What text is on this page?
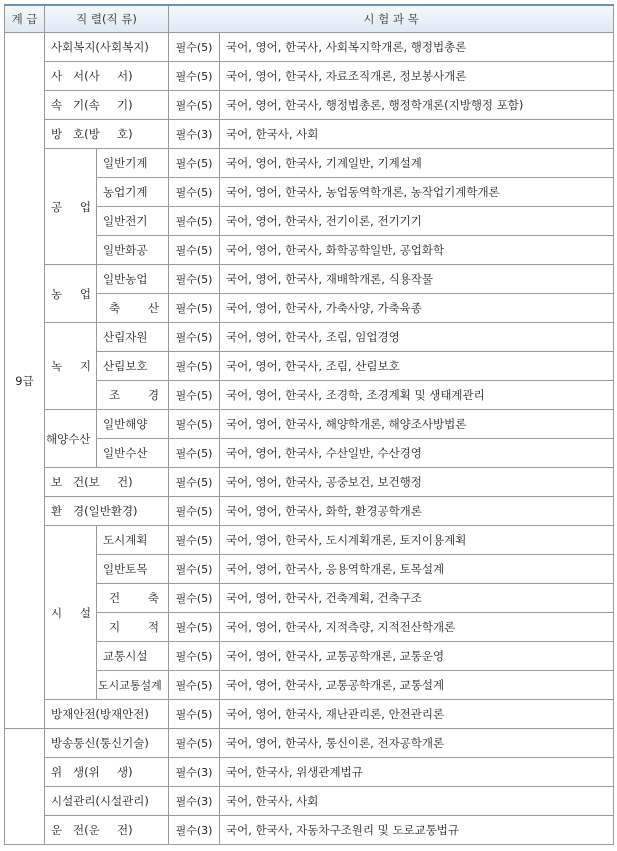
계 급	직 렬(직 류)		시 험 과 목	
9급	사회복지(사회복지)		필수(5)	국어, 영어, 한국사, 사회복지학개론, 행정법총론
	사 서(사 서)		필수(5)	국어, 영어, 한국사, 자료조직개론, 정보봉사개론
	속 기(속 기)		필수(5)	국어, 영어, 한국사, 행정법총론, 행정학개론(지방행정 포함)
	방 호(방 호)		필수(3)	국어, 한국사, 사회

	공 업	일반기계	필수(5)	국어, 영어, 한국사, 기계일반, 기계설계
		농업기계	필수(5)	국어, 영어, 한국사, 농업동역학개론, 농작업기계학개론
		일반전기	필수(5)	국어, 영어, 한국사, 전기이론, 전기기기
		일반화공	필수(5)	국어, 영어, 한국사, 화학공학일반, 공업화학

	농 업	일반농업	필수(5)	국어, 영어, 한국사, 재배학개론, 식용작물

		축 산	필수(5)	국어, 영어, 한국사, 가축사양, 가축육종

	녹 지	산림자원	필수(5)	국어, 영어, 한국사, 조림, 임업경영
		산림보호	필수(5)	국어, 영어, 한국사, 조림, 산림보호

		조 경	필수(5)	국어, 영어, 한국사, 조경학, 조경계획 및 생태계관리
	해양수산	일반해양	필수(5)	국어, 영어, 한국사, 해양학개론, 해양조사방법론
		일반수산	필수(5)	국어, 영어, 한국사, 수산일반, 수산경영
	보 건(보 건)		필수(5)	국어, 영어, 한국사, 공중보건, 보건행정
	환 경(일반환경)		필수(5)	국어, 영어, 한국사, 화학, 환경공학개론

	시 설	도시계획	필수(5)	국어, 영어, 한국사, 도시계획개론, 토지이용계획
		일반토목	필수(5)	국어, 영어, 한국사, 응용역학개론, 토목설계

		건 축	필수(5)	국어, 영어, 한국사, 건축계획, 건축구조

		지 적	필수(5)	국어, 영어, 한국사, 지적측량, 지적전산학개론
		교통시설	필수(5)	국어, 영어, 한국사, 교통공학개론, 교통운영
		도시교통설계	필수(5)	국어, 영어, 한국사, 교통공학개론, 교통설계
	방재안전(방재안전)		필수(5)	국어, 영어, 한국사, 재난관리론, 안전관리론
	방송통신(통신기술)		필수(5)	국어, 영어, 한국사, 통신이론, 전자공학개론
	위 생(위 생)		필수(3)	국어, 한국사, 위생관계법규
	시설관리(시설관리)		필수(3)	국어, 한국사, 사회
	운 전(운 전)		필수(3)	국어, 한국사, 자동차구조원리 및 도로교통법규
